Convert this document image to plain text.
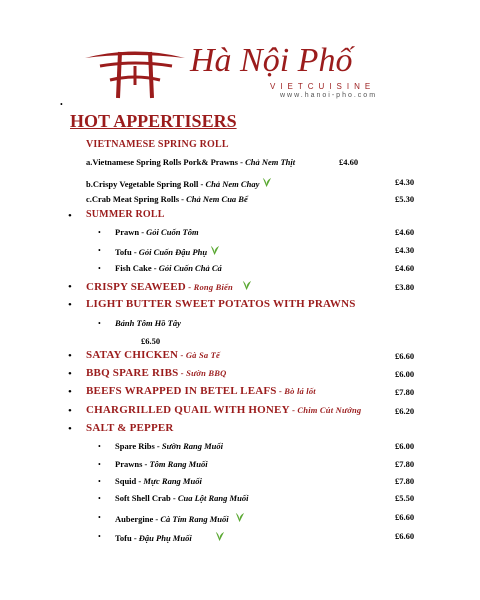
Hà Nội Phố
VIETCUISINE
www.hanoi-pho.com
•
HOT APPERTISERS
VIETNAMESE SPRING ROLL
a.Vietnamese Spring Rolls Pork& Prawns - Chả Nem Thịt	£4.60
b.Crispy Vegetable Spring Roll - Chả Nem Chay	£4.30
c.Crab Meat Spring Rolls - Chả Nem Cua Bể	£5.30
• SUMMER ROLL
• Prawn - Gỏi Cuốn Tôm	£4.60
• Tofu - Gỏi Cuốn Đậu Phụ	£4.30
• Fish Cake - Gỏi Cuốn Chả Cá	£4.60
• CRISPY SEAWEED - Rong Biển	£3.80
• LIGHT BUTTER SWEET POTATOS WITH PRAWNS
• Bánh Tôm Hồ Tây
£6.50
• SATAY CHICKEN - Gà Sa Tế	£6.60
• BBQ SPARE RIBS - Sườn BBQ	£6.00
• BEEFS WRAPPED IN BETEL LEAFS - Bò lá lốt	£7.80
• CHARGRILLED QUAIL WITH HONEY - Chim Cút Nướng	£6.20
• SALT & PEPPER
• Spare Ribs - Sườn Rang Muối	£6.00
• Prawns - Tôm Rang Muối	£7.80
• Squid - Mực Rang Muối	£7.80
• Soft Shell Crab - Cua Lột Rang Muối	£5.50
• Aubergine - Cà Tím Rang Muối	£6.60
• Tofu - Đậu Phụ Muối	£6.60
